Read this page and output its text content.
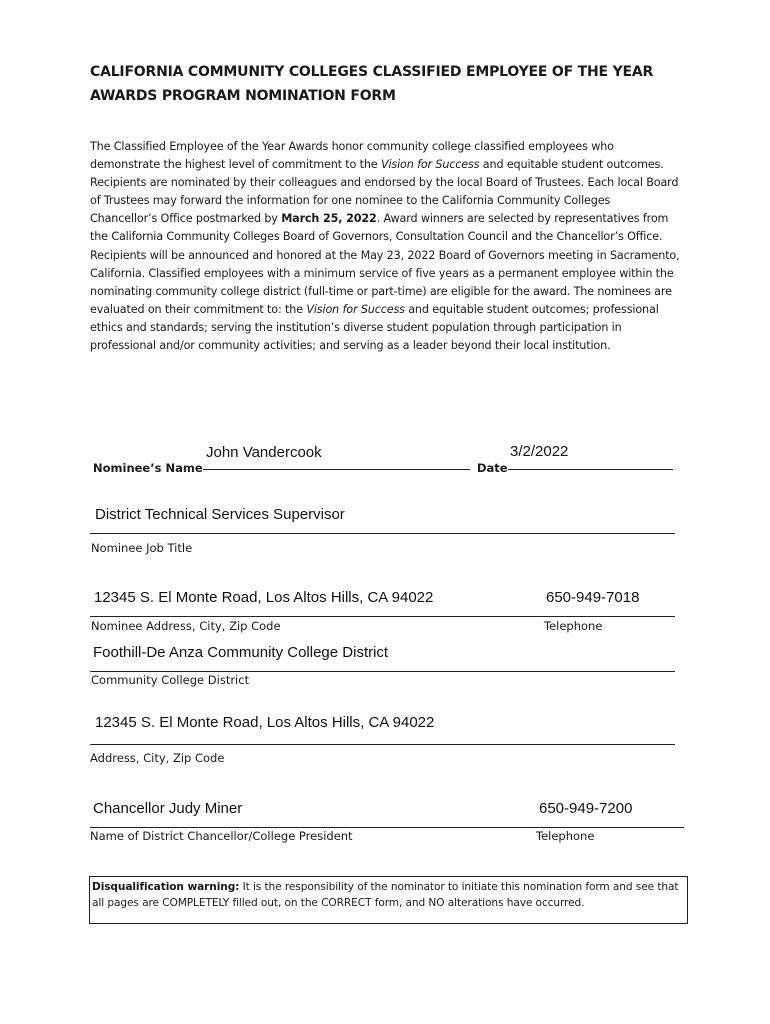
CALIFORNIA COMMUNITY COLLEGES CLASSIFIED EMPLOYEE OF THE YEAR
AWARDS PROGRAM NOMINATION FORM
The Classified Employee of the Year Awards honor community college classified employees who demonstrate the highest level of commitment to the Vision for Success and equitable student outcomes. Recipients are nominated by their colleagues and endorsed by the local Board of Trustees. Each local Board of Trustees may forward the information for one nominee to the California Community Colleges Chancellor’s Office postmarked by March 25, 2022. Award winners are selected by representatives from the California Community Colleges Board of Governors, Consultation Council and the Chancellor’s Office. Recipients will be announced and honored at the May 23, 2022 Board of Governors meeting in Sacramento, California. Classified employees with a minimum service of five years as a permanent employee within the nominating community college district (full-time or part-time) are eligible for the award. The nominees are evaluated on their commitment to: the Vision for Success and equitable student outcomes; professional ethics and standards; serving the institution’s diverse student population through participation in professional and/or community activities; and serving as a leader beyond their local institution.
John Vandercook	3/2/2022
Nominee’s Name	Date
District Technical Services Supervisor
Nominee Job Title
12345 S. El Monte Road, Los Altos Hills, CA 94022	650-949-7018
Nominee Address, City, Zip Code	Telephone
Foothill-De Anza Community College District
Community College District
12345 S. El Monte Road, Los Altos Hills, CA 94022
Address, City, Zip Code
Chancellor Judy Miner	650-949-7200
Name of District Chancellor/College President	Telephone
Disqualification warning: It is the responsibility of the nominator to initiate this nomination form and see that all pages are COMPLETELY filled out, on the CORRECT form, and NO alterations have occurred.
